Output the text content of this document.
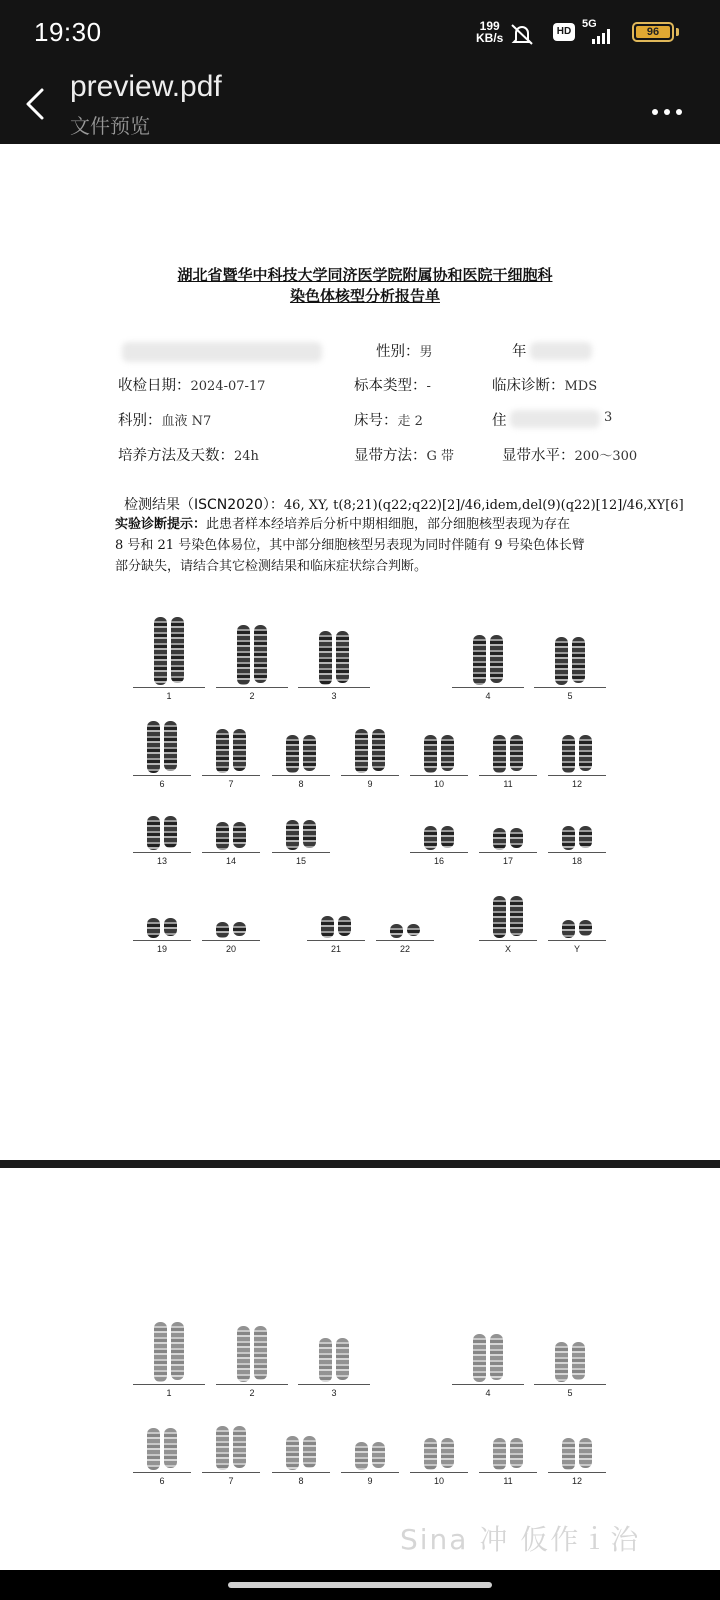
19:30	199
KB/s	HD
5G
96
preview.pdf
文件预览
湖北省暨华中科技大学同济医学院附属协和医院干细胞科
染色体核型分析报告单
性别：男	年
收检日期：2024-07-17	标本类型：-	临床诊断：MDS
科别：血液 N7	床号：走 2	住	3
培养方法及天数：24h	显带方法：G 带	显带水平：200～300
检测结果（ISCN2020）：46, XY, t(8;21)(q22;q22)[2]/46,idem,del(9)(q22)[12]/46,XY[6]

实验诊断提示：此患者样本经培养后分析中期相细胞，部分细胞核型表现为存在

8 号和 21 号染色体易位，其中部分细胞核型另表现为同时伴随有 9 号染色体长臂

部分缺失，请结合其它检测结果和临床症状综合判断。

1	2	3	4	5
6	7	8	9	10	11	12
13	14	15	16	17	18
19	20	21	22	X	Y
1	2	3	4	5
6	7	8	9	10	11	12
Sina 冲 仮作ｉ治
